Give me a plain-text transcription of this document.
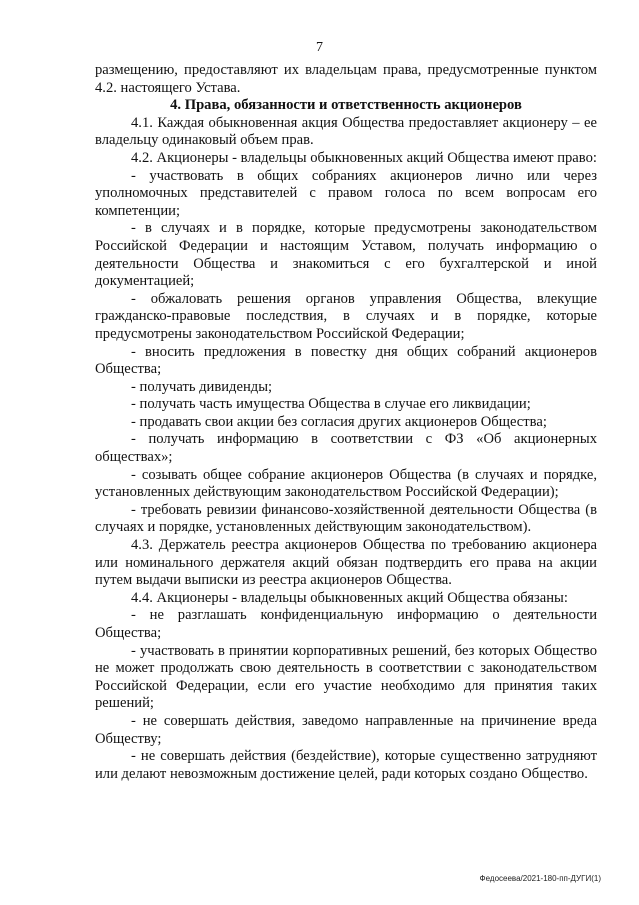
7

размещению, предоставляют их владельцам права, предусмотренные пунктом 4.2. настоящего Устава.

4. Права, обязанности и ответственность акционеров

4.1. Каждая обыкновенная акция Общества предоставляет акционеру – ее владельцу одинаковый объем прав.

4.2. Акционеры - владельцы обыкновенных акций Общества имеют право:

- участвовать в общих собраниях акционеров лично или через уполномочных представителей с правом голоса по всем вопросам его компетенции;

- в случаях и в порядке, которые предусмотрены законодательством Российской Федерации и настоящим Уставом, получать информацию о деятельности Общества и знакомиться с его бухгалтерской и иной документацией;

- обжаловать решения органов управления Общества, влекущие гражданско-правовые последствия, в случаях и в порядке, которые предусмотрены законодательством Российской Федерации;

- вносить предложения в повестку дня общих собраний акционеров Общества;

- получать дивиденды;

- получать часть имущества Общества в случае его ликвидации;

- продавать свои акции без согласия других акционеров Общества;

- получать информацию в соответствии с ФЗ «Об акционерных обществах»;

- созывать общее собрание акционеров Общества (в случаях и порядке, установленных действующим законодательством Российской Федерации);

- требовать ревизии финансово-хозяйственной деятельности Общества (в случаях и порядке, установленных действующим законодательством).

4.3. Держатель реестра акционеров Общества по требованию акционера или номинального держателя акций обязан подтвердить его права на акции путем выдачи выписки из реестра акционеров Общества.

4.4. Акционеры - владельцы обыкновенных акций Общества обязаны:

- не разглашать конфиденциальную информацию о деятельности Общества;

- участвовать в принятии корпоративных решений, без которых Общество не может продолжать свою деятельность в соответствии с законодательством Российской Федерации, если его участие необходимо для принятия таких решений;

- не совершать действия, заведомо направленные на причинение вреда Обществу;

- не совершать действия (бездействие), которые существенно затрудняют или делают невозможным достижение целей, ради которых создано Общество.

Федосеева/2021-180-пп-ДУГИ(1)
